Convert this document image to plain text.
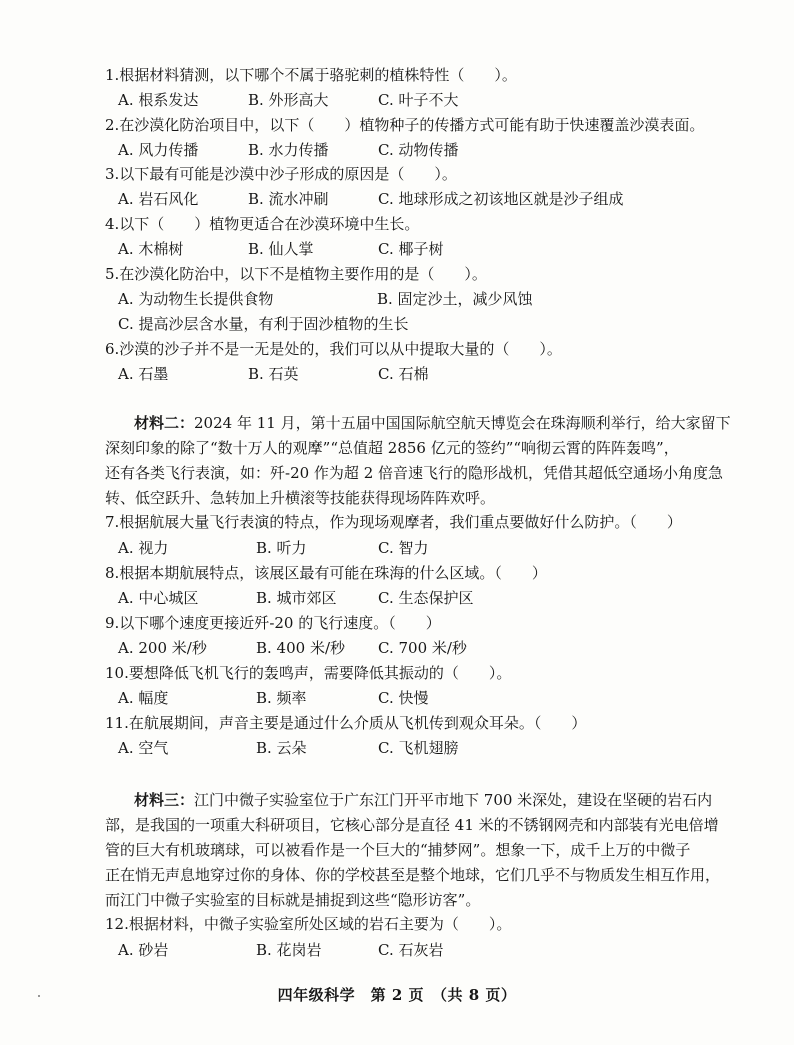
1.根据材料猜测，以下哪个不属于骆驼刺的植株特性（　　）。
A. 根系发达	B. 外形高大	C. 叶子不大
2.在沙漠化防治项目中，以下（　　）植物种子的传播方式可能有助于快速覆盖沙漠表面。
A. 风力传播	B. 水力传播	C. 动物传播
3.以下最有可能是沙漠中沙子形成的原因是（　　）。
A. 岩石风化	B. 流水冲刷	C. 地球形成之初该地区就是沙子组成
4.以下（　　）植物更适合在沙漠环境中生长。
A. 木棉树	B. 仙人掌	C. 椰子树
5.在沙漠化防治中，以下不是植物主要作用的是（　　）。
A. 为动物生长提供食物	B. 固定沙土，减少风蚀
C. 提高沙层含水量，有利于固沙植物的生长
6.沙漠的沙子并不是一无是处的，我们可以从中提取大量的（　　）。
A. 石墨	B. 石英	C. 石棉
材料二：2024 年 11 月，第十五届中国国际航空航天博览会在珠海顺利举行，给大家留下
深刻印象的除了“数十万人的观摩”“总值超 2856 亿元的签约”“响彻云霄的阵阵轰鸣”，
还有各类飞行表演，如：歼-20 作为超 2 倍音速飞行的隐形战机，凭借其超低空通场小角度急
转、低空跃升、急转加上升横滚等技能获得现场阵阵欢呼。
7.根据航展大量飞行表演的特点，作为现场观摩者，我们重点要做好什么防护。（　　）
A. 视力	B. 听力	C. 智力
8.根据本期航展特点，该展区最有可能在珠海的什么区域。（　　）
A. 中心城区	B. 城市郊区	C. 生态保护区
9.以下哪个速度更接近歼-20 的飞行速度。（　　）
A. 200 米/秒	B. 400 米/秒 C. 700 米/秒
10.要想降低飞机飞行的轰鸣声，需要降低其振动的（　　）。
A. 幅度	B. 频率	C. 快慢
11.在航展期间，声音主要是通过什么介质从飞机传到观众耳朵。（　　）
A. 空气	B. 云朵	C. 飞机翅膀
材料三：江门中微子实验室位于广东江门开平市地下 700 米深处，建设在坚硬的岩石内
部，是我国的一项重大科研项目，它核心部分是直径 41 米的不锈钢网壳和内部装有光电倍增
管的巨大有机玻璃球，可以被看作是一个巨大的“捕梦网”。想象一下，成千上万的中微子
正在悄无声息地穿过你的身体、你的学校甚至是整个地球，它们几乎不与物质发生相互作用，
而江门中微子实验室的目标就是捕捉到这些“隐形访客”。
12.根据材料，中微子实验室所处区域的岩石主要为（　　）。
A. 砂岩	B. 花岗岩	C. 石灰岩
四年级科学　第 2 页　（共 8 页）
